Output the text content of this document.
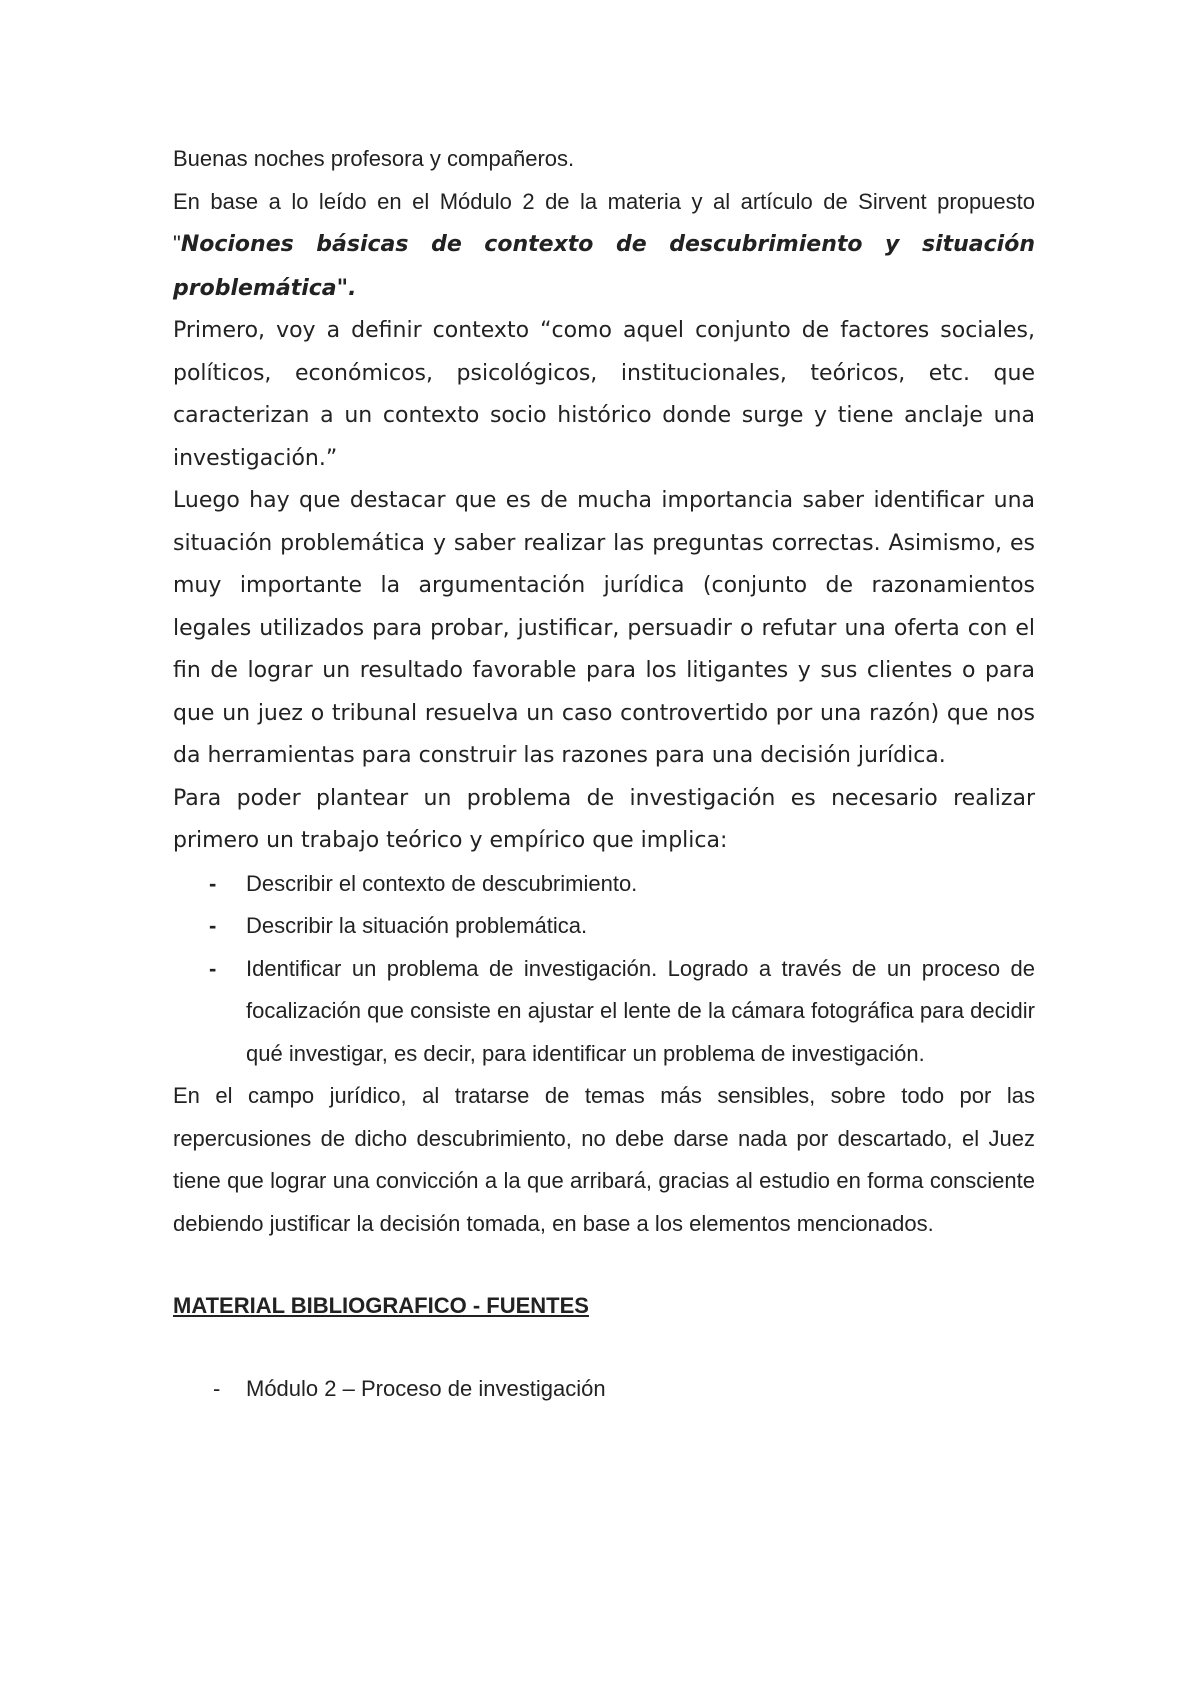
Buenas noches profesora y compañeros.

En base a lo leído en el Módulo 2 de la materia y al artículo de Sirvent propuesto "Nociones básicas de contexto de descubrimiento y situación problemática".

Primero, voy a definir contexto “como aquel conjunto de factores sociales, políticos, económicos, psicológicos, institucionales, teóricos, etc. que caracterizan a un contexto socio histórico donde surge y tiene anclaje una investigación.”

Luego hay que destacar que es de mucha importancia saber identificar una situación problemática y saber realizar las preguntas correctas. Asimismo, es muy importante la argumentación jurídica (conjunto de razonamientos legales utilizados para probar, justificar, persuadir o refutar una oferta con el fin de lograr un resultado favorable para los litigantes y sus clientes o para que un juez o tribunal resuelva un caso controvertido por una razón) que nos da herramientas para construir las razones para una decisión jurídica.

Para poder plantear un problema de investigación es necesario realizar primero un trabajo teórico y empírico que implica:

- Describir el contexto de descubrimiento.
- Describir la situación problemática.
- Identificar un problema de investigación. Logrado a través de un proceso de focalización que consiste en ajustar el lente de la cámara fotográfica para decidir qué investigar, es decir, para identificar un problema de investigación.

En el campo jurídico, al tratarse de temas más sensibles, sobre todo por las repercusiones de dicho descubrimiento, no debe darse nada por descartado, el Juez tiene que lograr una convicción a la que arribará, gracias al estudio en forma consciente debiendo justificar la decisión tomada, en base a los elementos mencionados.

MATERIAL BIBLIOGRAFICO - FUENTES

- Módulo 2 – Proceso de investigación
